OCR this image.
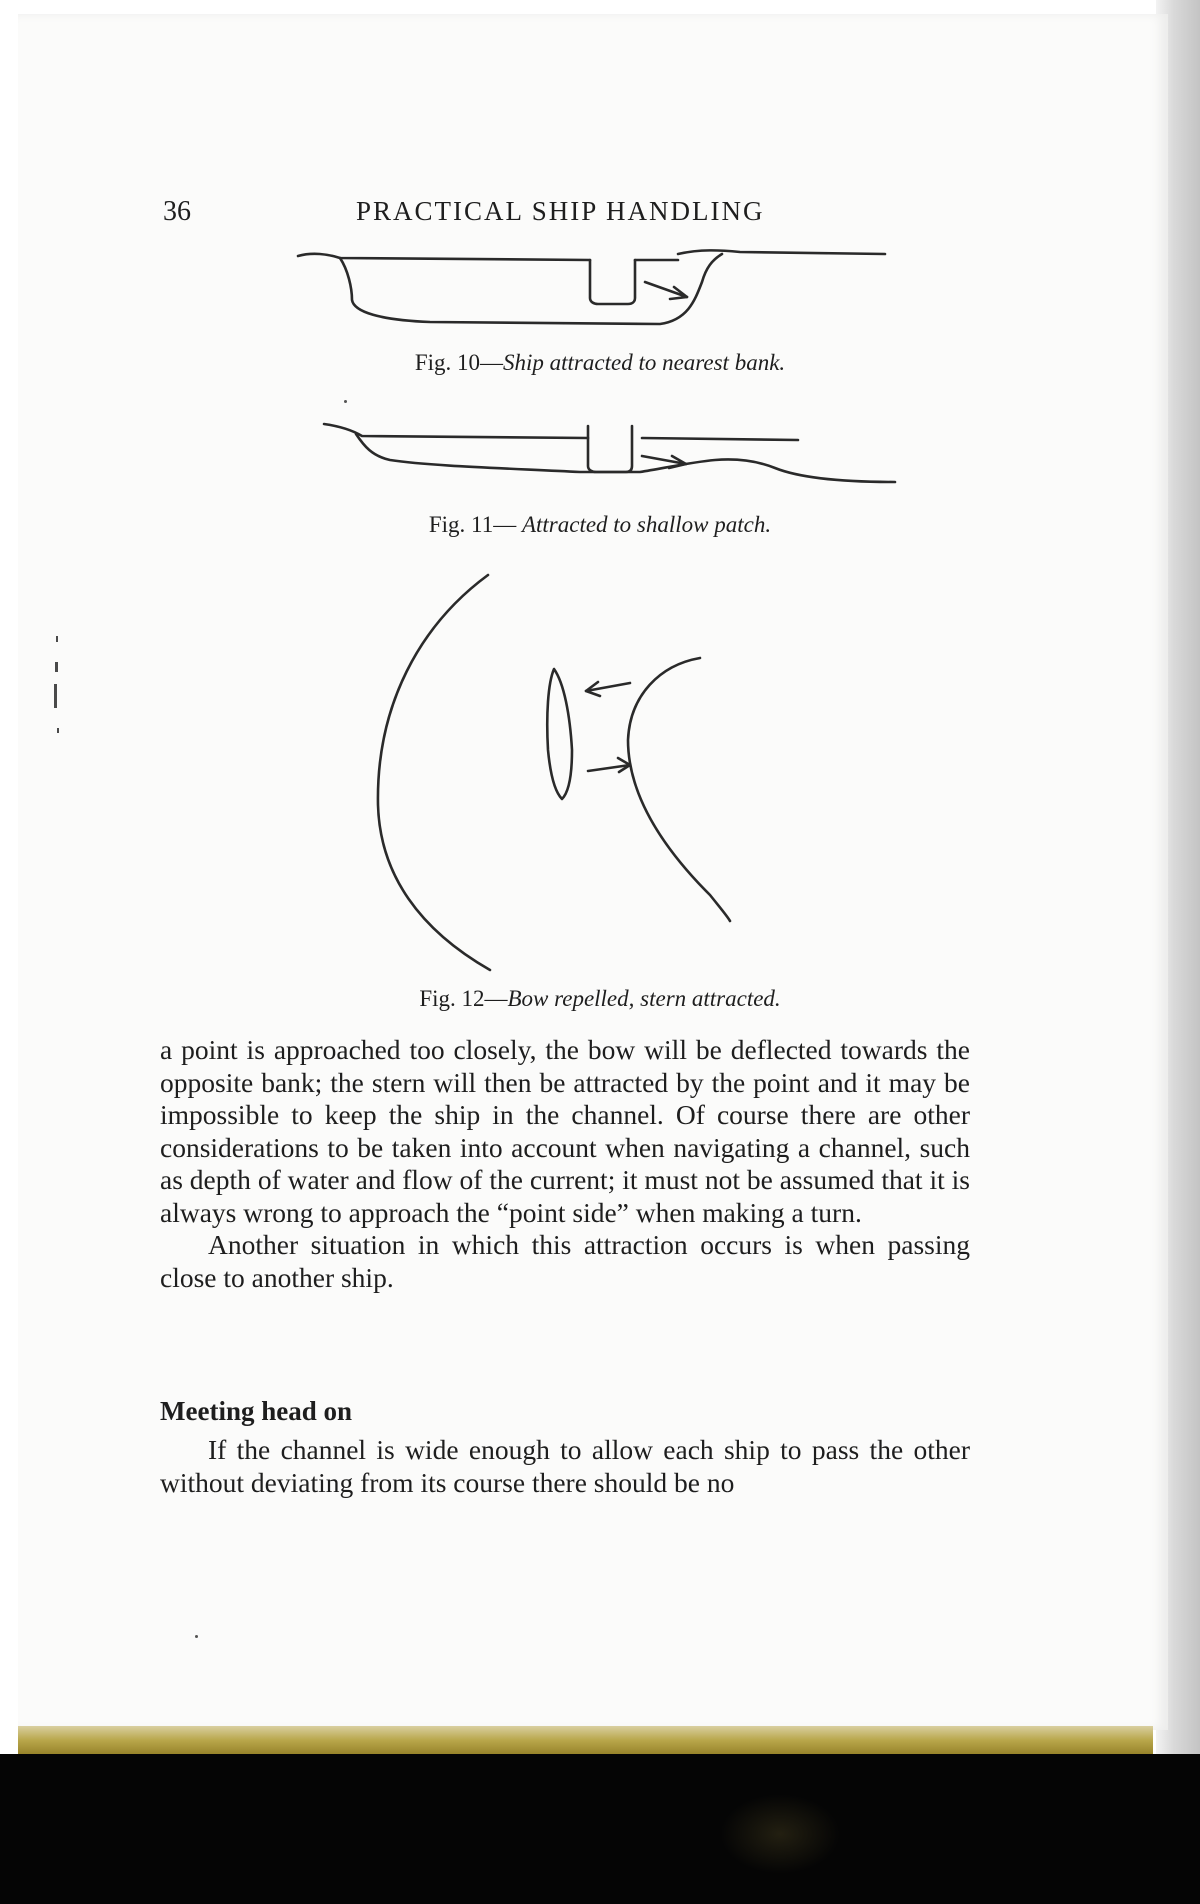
36	PRACTICAL SHIP HANDLING
Fig. 10—Ship attracted to nearest bank.
Fig. 11— Attracted to shallow patch.
Fig. 12—Bow repelled, stern attracted.

a point is approached too closely, the bow will be deflected towards the opposite bank; the stern will then be attracted by the point and it may be impossible to keep the ship in the channel. Of course there are other considerations to be taken into account when navigating a channel, such as depth of water and flow of the current; it must not be assumed that it is always wrong to approach the “point side” when making a turn.

Another situation in which this attraction occurs is when passing close to another ship.

Meeting head on

If the channel is wide enough to allow each ship to pass the other without deviating from its course there should be no
